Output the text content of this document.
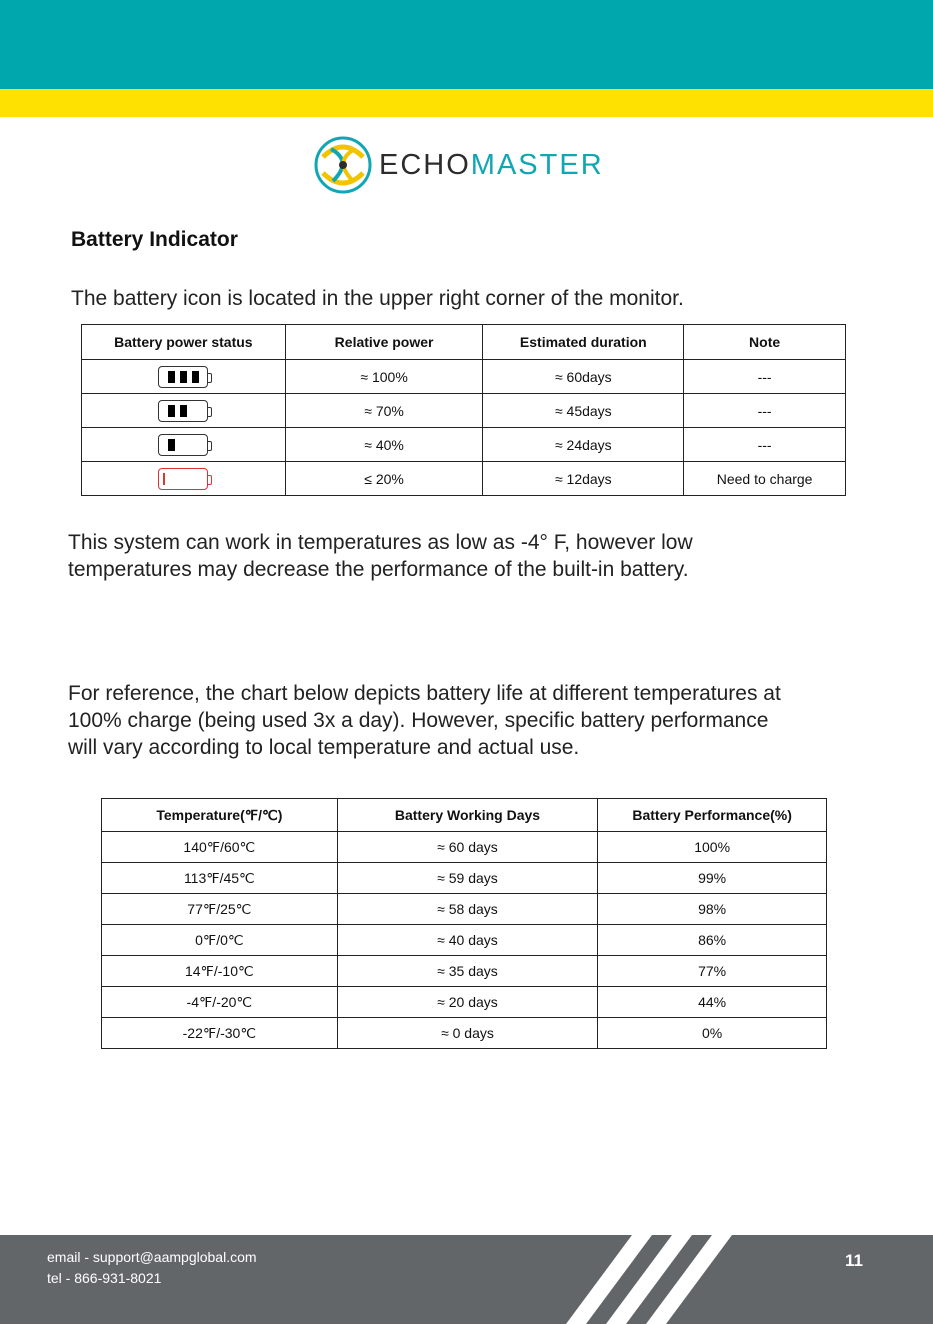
ECHOMASTER
Battery Indicator

The battery icon is located in the upper right corner of the monitor.

Battery power status	Relative power	Estimated duration	Note

	≈ 100%	≈ 60days	---

	≈ 70%	≈ 45days	---

	≈ 40%	≈ 24days	---

	≤ 20%	≈ 12days	Need to charge

This system can work in temperatures as low as -4° F, however low

temperatures may decrease the performance of the built-in battery.

For reference, the chart below depicts battery life at different temperatures at

100% charge (being used 3x a day). However, specific battery performance

will vary according to local temperature and actual use.

Temperature(℉/℃)	Battery Working Days	Battery Performance(%)
140℉/60℃	≈ 60 days	100%
113℉/45℃	≈ 59 days	99%
77℉/25℃	≈ 58 days	98%
0℉/0℃	≈ 40 days	86%
14℉/-10℃	≈ 35 days	77%
-4℉/-20℃	≈ 20 days	44%
-22℉/-30℃	≈ 0 days	0%
email - support@aampglobal.com
tel - 866-931-8021
11
